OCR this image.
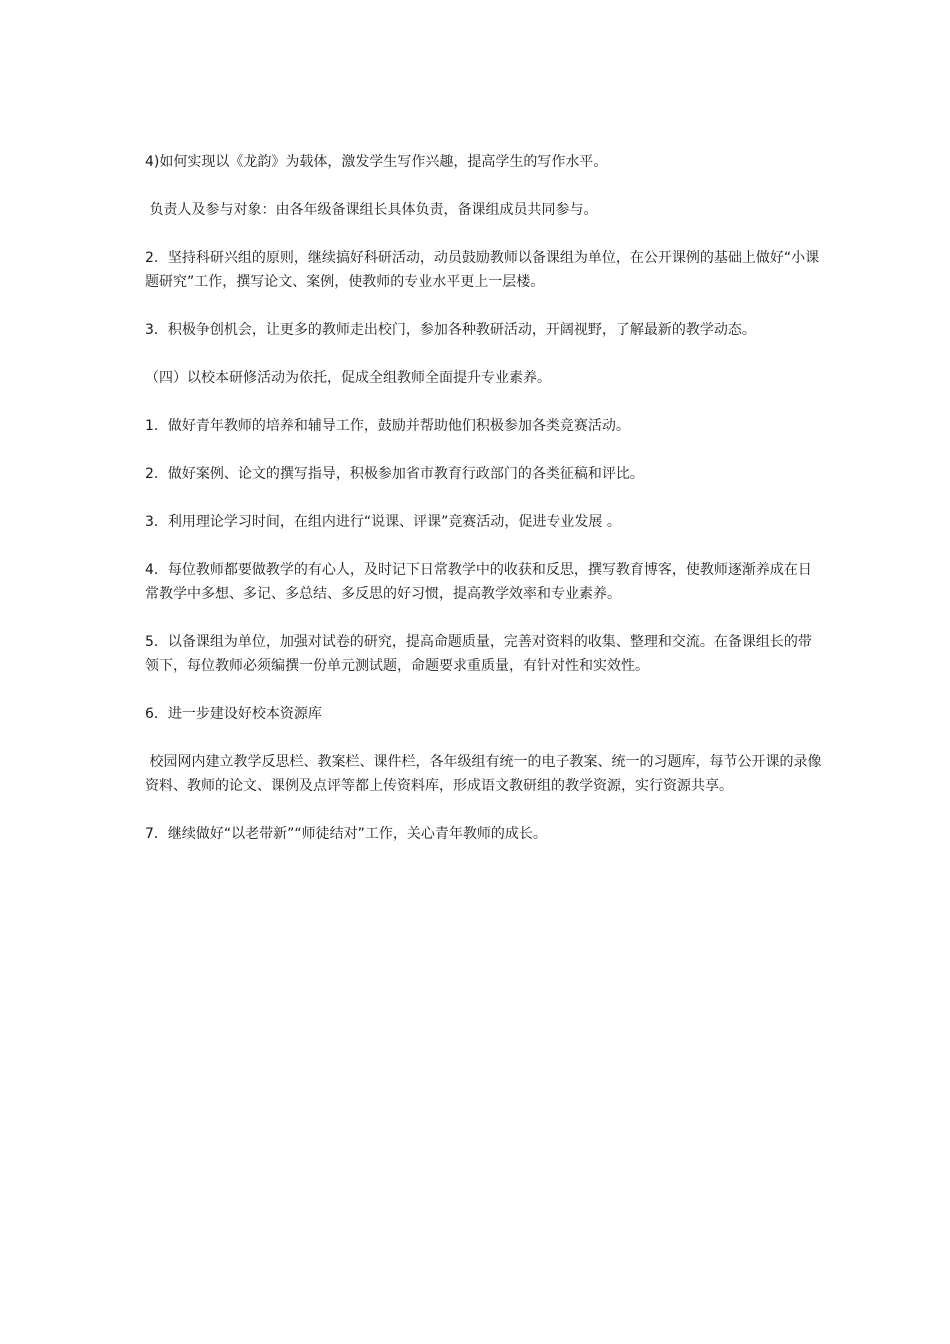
4)如何实现以《龙韵》为载体，激发学生写作兴趣，提高学生的写作水平。

负责人及参与对象：由各年级备课组长具体负责，备课组成员共同参与。

2．坚持科研兴组的原则，继续搞好科研活动，动员鼓励教师以备课组为单位，在公开课例的基础上做好“小课题研究”工作，撰写论文、案例，使教师的专业水平更上一层楼。

3．积极争创机会，让更多的教师走出校门，参加各种教研活动，开阔视野，了解最新的教学动态。

（四）以校本研修活动为依托，促成全组教师全面提升专业素养。

1．做好青年教师的培养和辅导工作，鼓励并帮助他们积极参加各类竞赛活动。

2．做好案例、论文的撰写指导，积极参加省市教育行政部门的各类征稿和评比。

3．利用理论学习时间，在组内进行“说课、评课”竞赛活动，促进专业发展 。

4．每位教师都要做教学的有心人，及时记下日常教学中的收获和反思，撰写教育博客，使教师逐渐养成在日常教学中多想、多记、多总结、多反思的好习惯，提高教学效率和专业素养。

5．以备课组为单位，加强对试卷的研究，提高命题质量，完善对资料的收集、整理和交流。在备课组长的带领下，每位教师必须编撰一份单元测试题，命题要求重质量，有针对性和实效性。

6．进一步建设好校本资源库

校园网内建立教学反思栏、教案栏、课件栏，各年级组有统一的电子教案、统一的习题库，每节公开课的录像资料、教师的论文、课例及点评等都上传资料库，形成语文教研组的教学资源，实行资源共享。

7．继续做好“以老带新”“师徒结对”工作，关心青年教师的成长。
